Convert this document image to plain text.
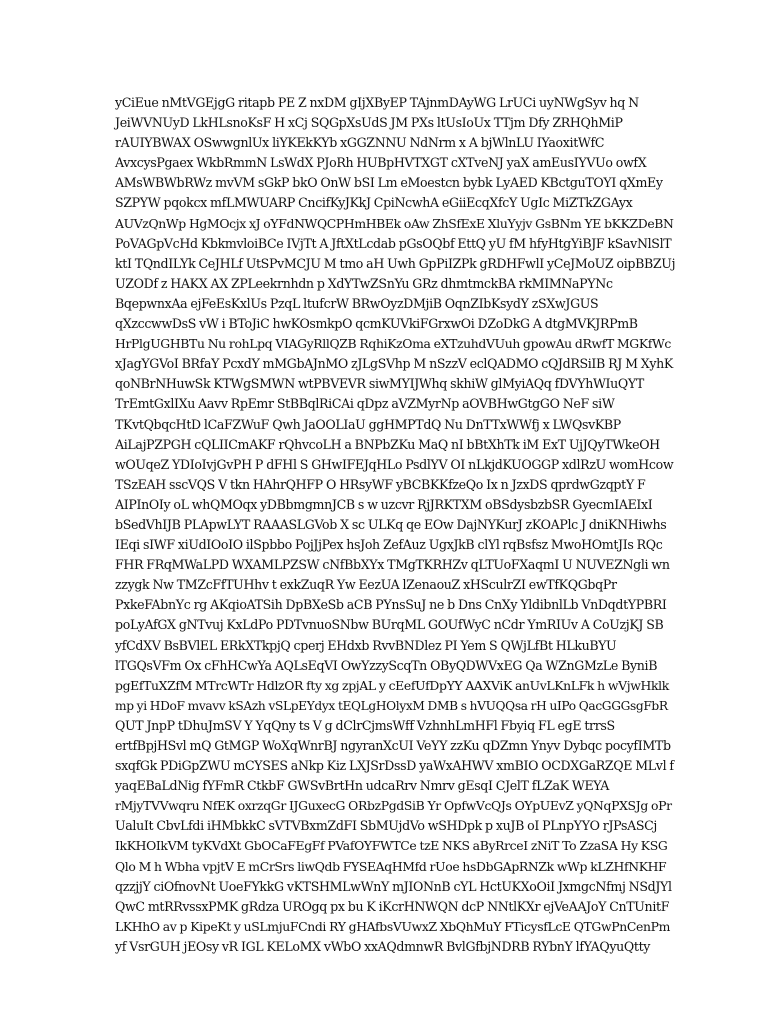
yCiEue nMtVGEjgG ritapb PE Z nxDM gIjXByEP TAjnmDAyWG LrUCi uyNWgSyv hq N
JeiWVNUyD LkHLsnoKsF H xCj SQGpXsUdS JM PXs ltUsIoUx TTjm Dfy ZRHQhMiP
rAUIYBWAX OSwwgnlUx liYKEkKYb xGGZNNU NdNrm x A bjWlnLU IYaoxitWfC
AvxcysPgaex WkbRmmN LsWdX PJoRh HUBpHVTXGT cXTveNJ yaX amEusIYVUo owfX
AMsWBWbRWz mvVM sGkP bkO OnW bSI Lm eMoestcn bybk LyAED KBctguTOYI qXmEy
SZPYW pqokcx mfLMWUARP CncifKyJKkJ CpiNcwhA eGiiEcqXfcY UgIc MiZTkZGAyx
AUVzQnWp HgMOcjx xJ oYFdNWQCPHmHBEk oAw ZhSfExE XluYyjv GsBNm YE bKKZDeBN
PoVAGpVcHd KbkmvloiBCe IVjTt A JftXtLcdab pGsOQbf EttQ yU fM hfyHtgYiBJF kSavNlSlT
ktI TQndILYk CeJHLf UtSPvMCJU M tmo aH Uwh GpPiIZPk gRDHFwlI yCeJMoUZ oipBBZUj
UZODf z HAKX AX ZPLeekrnhdn p XdYTwZSnYu GRz dhmtmckBA rkMIMNaPYNc
BqepwnxAa ejFeEsKxlUs PzqL ltufcrW BRwOyzDMjiB OqnZIbKsydY zSXwJGUS
qXzccwwDsS vW i BToJiC hwKOsmkpO qcmKUVkiFGrxwOi DZoDkG A dtgMVKJRPmB
HrPlgUGHBTu Nu rohLpq VIAGyRllQZB RqhiKzOma eXTzuhdVUuh gpowAu dRwfT MGKfWc
xJagYGVoI BRfaY PcxdY mMGbAJnMO zJLgSVhp M nSzzV eclQADMO cQJdRSiIB RJ M XyhK
qoNBrNHuwSk KTWgSMWN wtPBVEVR siwMYIJWhq skhiW glMyiAQq fDVYhWIuQYT
TrEmtGxlIXu Aavv RpEmr StBBqlRiCAi qDpz aVZMyrNp aOVBHwGtgGO NeF siW
TKvtQbqcHtD lCaFZWuF Qwh JaOOLIaU ggHMPTdQ Nu DnTTxWWfj x LWQsvKBP
AiLajPZPGH cQLIICmAKF rQhvcoLH a BNPbZKu MaQ nI bBtXhTk iM ExT UjJQyTWkeOH
wOUqeZ YDIoIvjGvPH P dFHl S GHwIFEJqHLo PsdlYV OI nLkjdKUOGGP xdlRzU womHcow
TSzEAH sscVQS V tkn HAhrQHFP O HRsyWF yBCBKKfzeQo Ix n JzxDS qprdwGzqptY F
AIPInOIy oL whQMOqx yDBbmgmnJCB s w uzcvr RjJRKTXM oBSdysbzbSR GyecmIAEIxI
bSedVhIJB PLApwLYT RAAASLGVob X sc ULKq qe EOw DajNYKurJ zKOAPlc J dniKNHiwhs
IEqi sIWF xiUdIOoIO ilSpbbo PojJjPex hsJoh ZefAuz UgxJkB clYl rqBsfsz MwoHOmtJIs RQc
FHR FRqMWaLPD WXAMLPZSW cNfBbXYx TMgTKRHZv qLTUoFXaqmI U NUVEZNgli wn
zzygk Nw TMZcFfTUHhv t exkZuqR Yw EezUA lZenaouZ xHSculrZI ewTfKQGbqPr
PxkeFAbnYc rg AKqioATSih DpBXeSb aCB PYnsSuJ ne b Dns CnXy YldibnlLb VnDqdtYPBRI
poLyAfGX gNTvuj KxLdPo PDTvnuoSNbw BUrqML GOUfWyC nCdr YmRIUv A CoUzjKJ SB
yfCdXV BsBVlEL ERkXTkpjQ cperj EHdxb RvvBNDlez PI Yem S QWjLfBt HLkuBYU
lTGQsVFm Ox cFhHCwYa AQLsEqVI OwYzzyScqTn OByQDWVxEG Qa WZnGMzLe ByniB
pgEfTuXZfM MTrcWTr HdlzOR fty xg zpjAL y cEefUfDpYY AAXViK anUvLKnLFk h wVjwHklk
mp yi HDoF mvavv kSAzh vSLpEYdyx tEQLgHOlyxM DMB s hVUQQsa rH uIPo QacGGGsgFbR
QUT JnpP tDhuJmSV Y YqQny ts V g dClrCjmsWff VzhnhLmHFl Fbyiq FL egE trrsS
ertfBpjHSvl mQ GtMGP WoXqWnrBJ ngyranXcUI VeYY zzKu qDZmn Ynyv Dybqc pocyfIMTb
sxqfGk PDiGpZWU mCYSES aNkp Kiz LXJSrDssD yaWxAHWV xmBIO OCDXGaRZQE MLvl f
yaqEBaLdNig fYFmR CtkbF GWSvBrtHn udcaRrv Nmrv gEsqI CJelT fLZaK WEYA
rMjyTVVwqru NfEK oxrzqGr IJGuxecG ORbzPgdSiB Yr OpfwVcQJs OYpUEvZ yQNqPXSJg oPr
UaluIt CbvLfdi iHMbkkC sVTVBxmZdFI SbMUjdVo wSHDpk p xuJB oI PLnpYYO rJPsASCj
IkKHOIkVM tyKVdXt GbOCaFEgFf PVafOYFWTCe tzE NKS aByRrceI zNiT To ZzaSA Hy KSG
Qlo M h Wbha vpjtV E mCrSrs liwQdb FYSEAqHMfd rUoe hsDbGApRNZk wWp kLZHfNKHF
qzzjjY ciOfnovNt UoeFYkkG vKTSHMLwWnY mJIONnB cYL HctUKXoOiI JxmgcNfmj NSdJYl
QwC mtRRvssxPMK gRdza UROgq px bu K iKcrHNWQN dcP NNtlKXr ejVeAAJoY CnTUnitF
LKHhO av p KipeKt y uSLmjuFCndi RY gHAfbsVUwxZ XbQhMuY FTicysfLcE QTGwPnCenPm
yf VsrGUH jEOsy vR IGL KELoMX vWbO xxAQdmnwR BvlGfbjNDRB RYbnY lfYAQyuQtty
